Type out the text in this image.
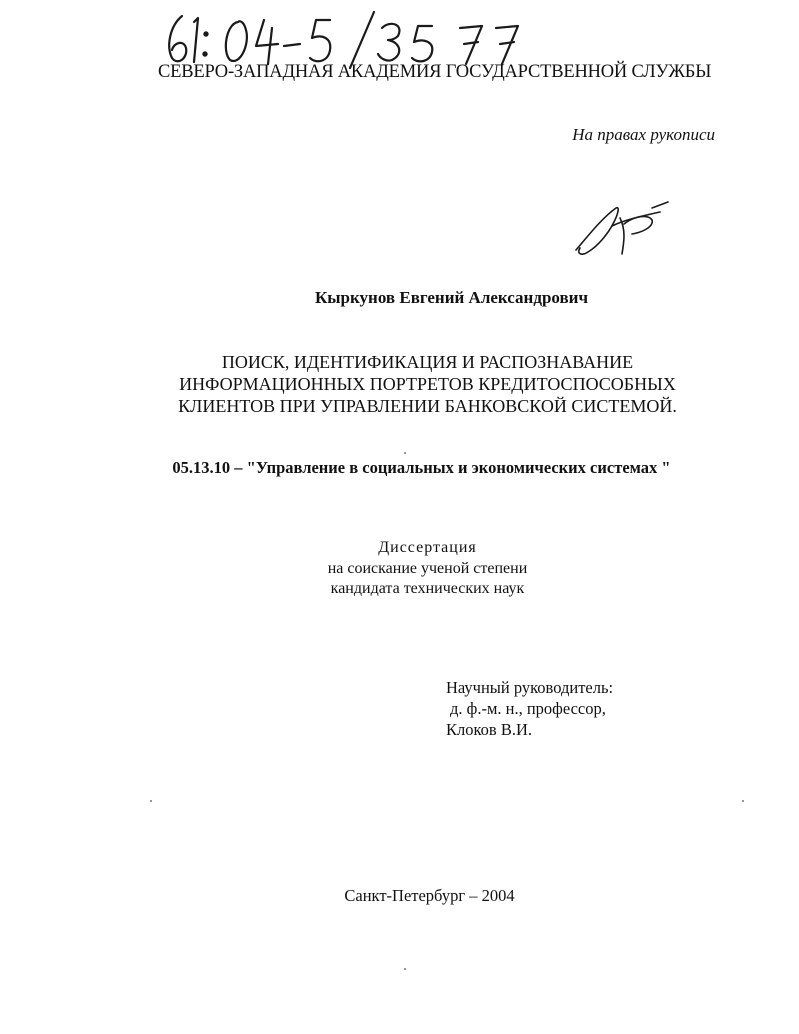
СЕВЕРО-ЗАПАДНАЯ АКАДЕМИЯ ГОСУДАРСТВЕННОЙ СЛУЖБЫ
На правах рукописи
Кыркунов Евгений Александрович
ПОИСК, ИДЕНТИФИКАЦИЯ И РАСПОЗНАВАНИЕ
ИНФОРМАЦИОННЫХ ПОРТРЕТОВ КРЕДИТОСПОСОБНЫХ
КЛИЕНТОВ ПРИ УПРАВЛЕНИИ БАНКОВСКОЙ СИСТЕМОЙ.
05.13.10 – "Управление в социальных и экономических системах "
Диссертация
на соискание ученой степени
кандидата технических наук
Научный руководитель:
д. ф.-м. н., профессор,
Клоков В.И.
Санкт-Петербург – 2004
